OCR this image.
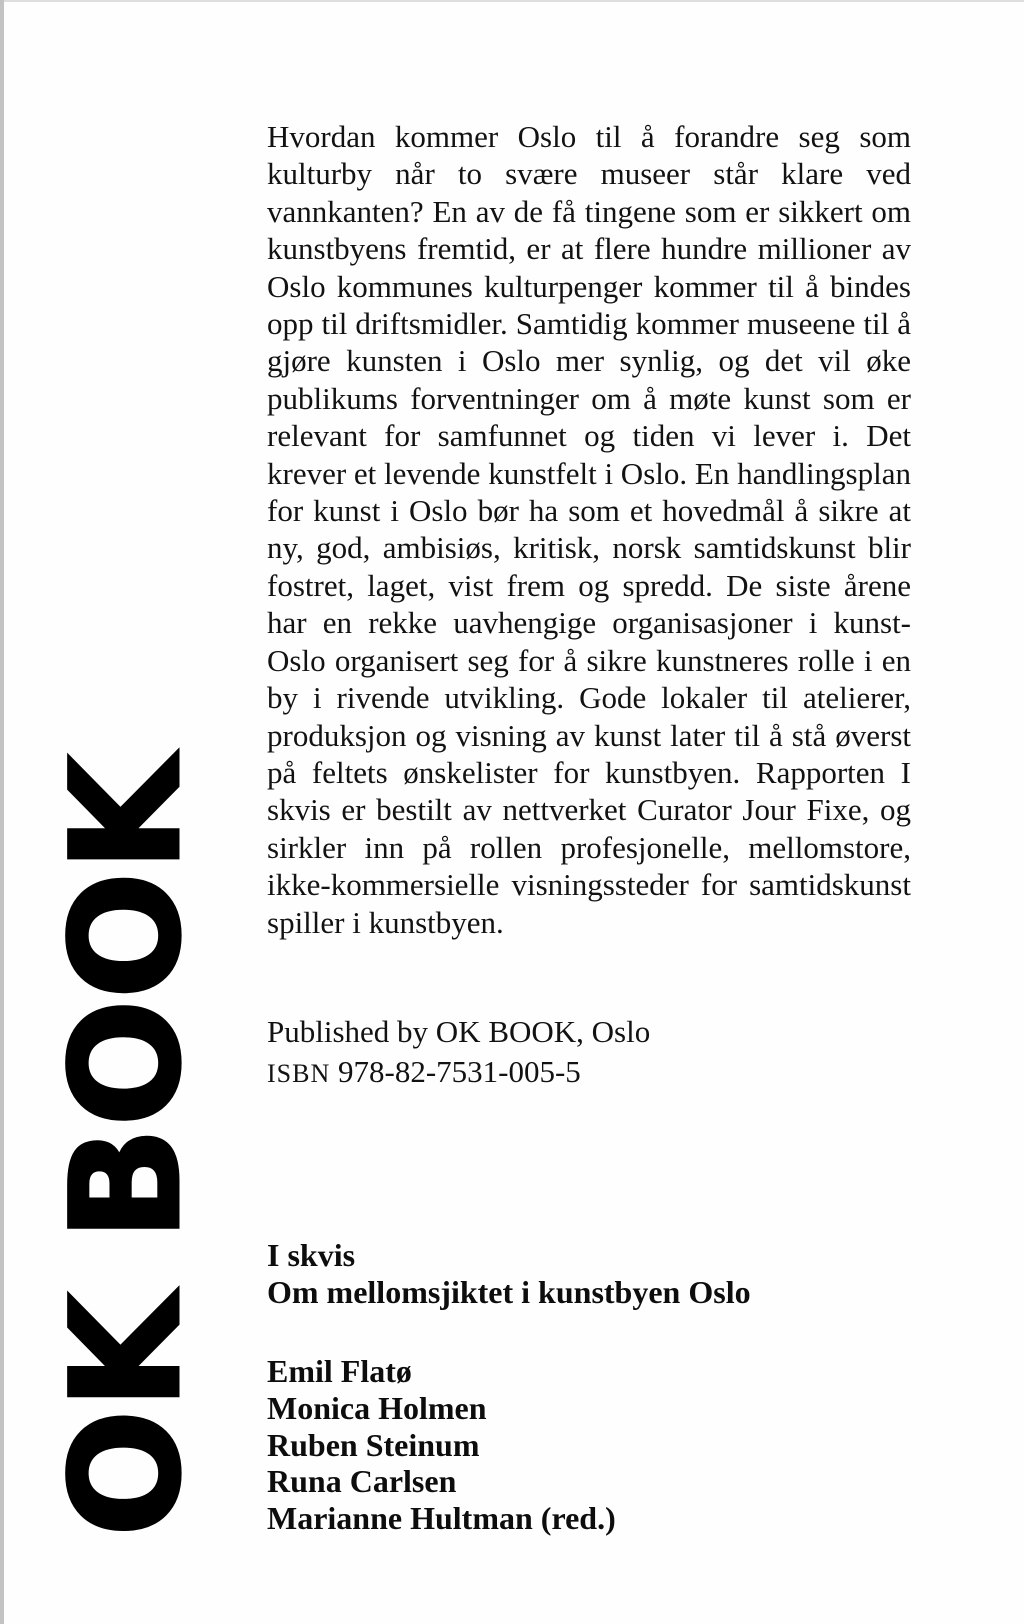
OK BOOK

Hvordan kommer Oslo til å forandre seg som kulturby når to svære museer står klare ved vannkanten? En av de få tingene som er sikkert om kunstbyens fremtid, er at flere hundre millioner av Oslo kommunes kulturpenger kommer til å bindes opp til driftsmidler. Samtidig kommer museene til å gjøre kunsten i Oslo mer synlig, og det vil øke publikums forventninger om å møte kunst som er relevant for samfunnet og tiden vi lever i. Det krever et levende kunstfelt i Oslo. En handlingsplan for kunst i Oslo bør ha som et hovedmål å sikre at ny, god, ambisiøs, kritisk, norsk samtidskunst blir fostret, laget, vist frem og spredd. De siste årene har en rekke uavhengige organisasjoner i kunst-Oslo organisert seg for å sikre kunstneres rolle i en by i rivende utvikling. Gode lokaler til atelierer, produksjon og visning av kunst later til å stå øverst på feltets ønskelister for kunstbyen. Rapporten I skvis er bestilt av nettverket Curator Jour Fixe, og sirkler inn på rollen profesjonelle, mellomstore, ikke-kommersielle visningssteder for samtidskunst spiller i kunstbyen.

Published by OK BOOK, Oslo
ISBN 978-82-7531-005-5
I skvis
Om mellomsjiktet i kunstbyen Oslo
Emil Flatø
Monica Holmen
Ruben Steinum
Runa Carlsen
Marianne Hultman (red.)
